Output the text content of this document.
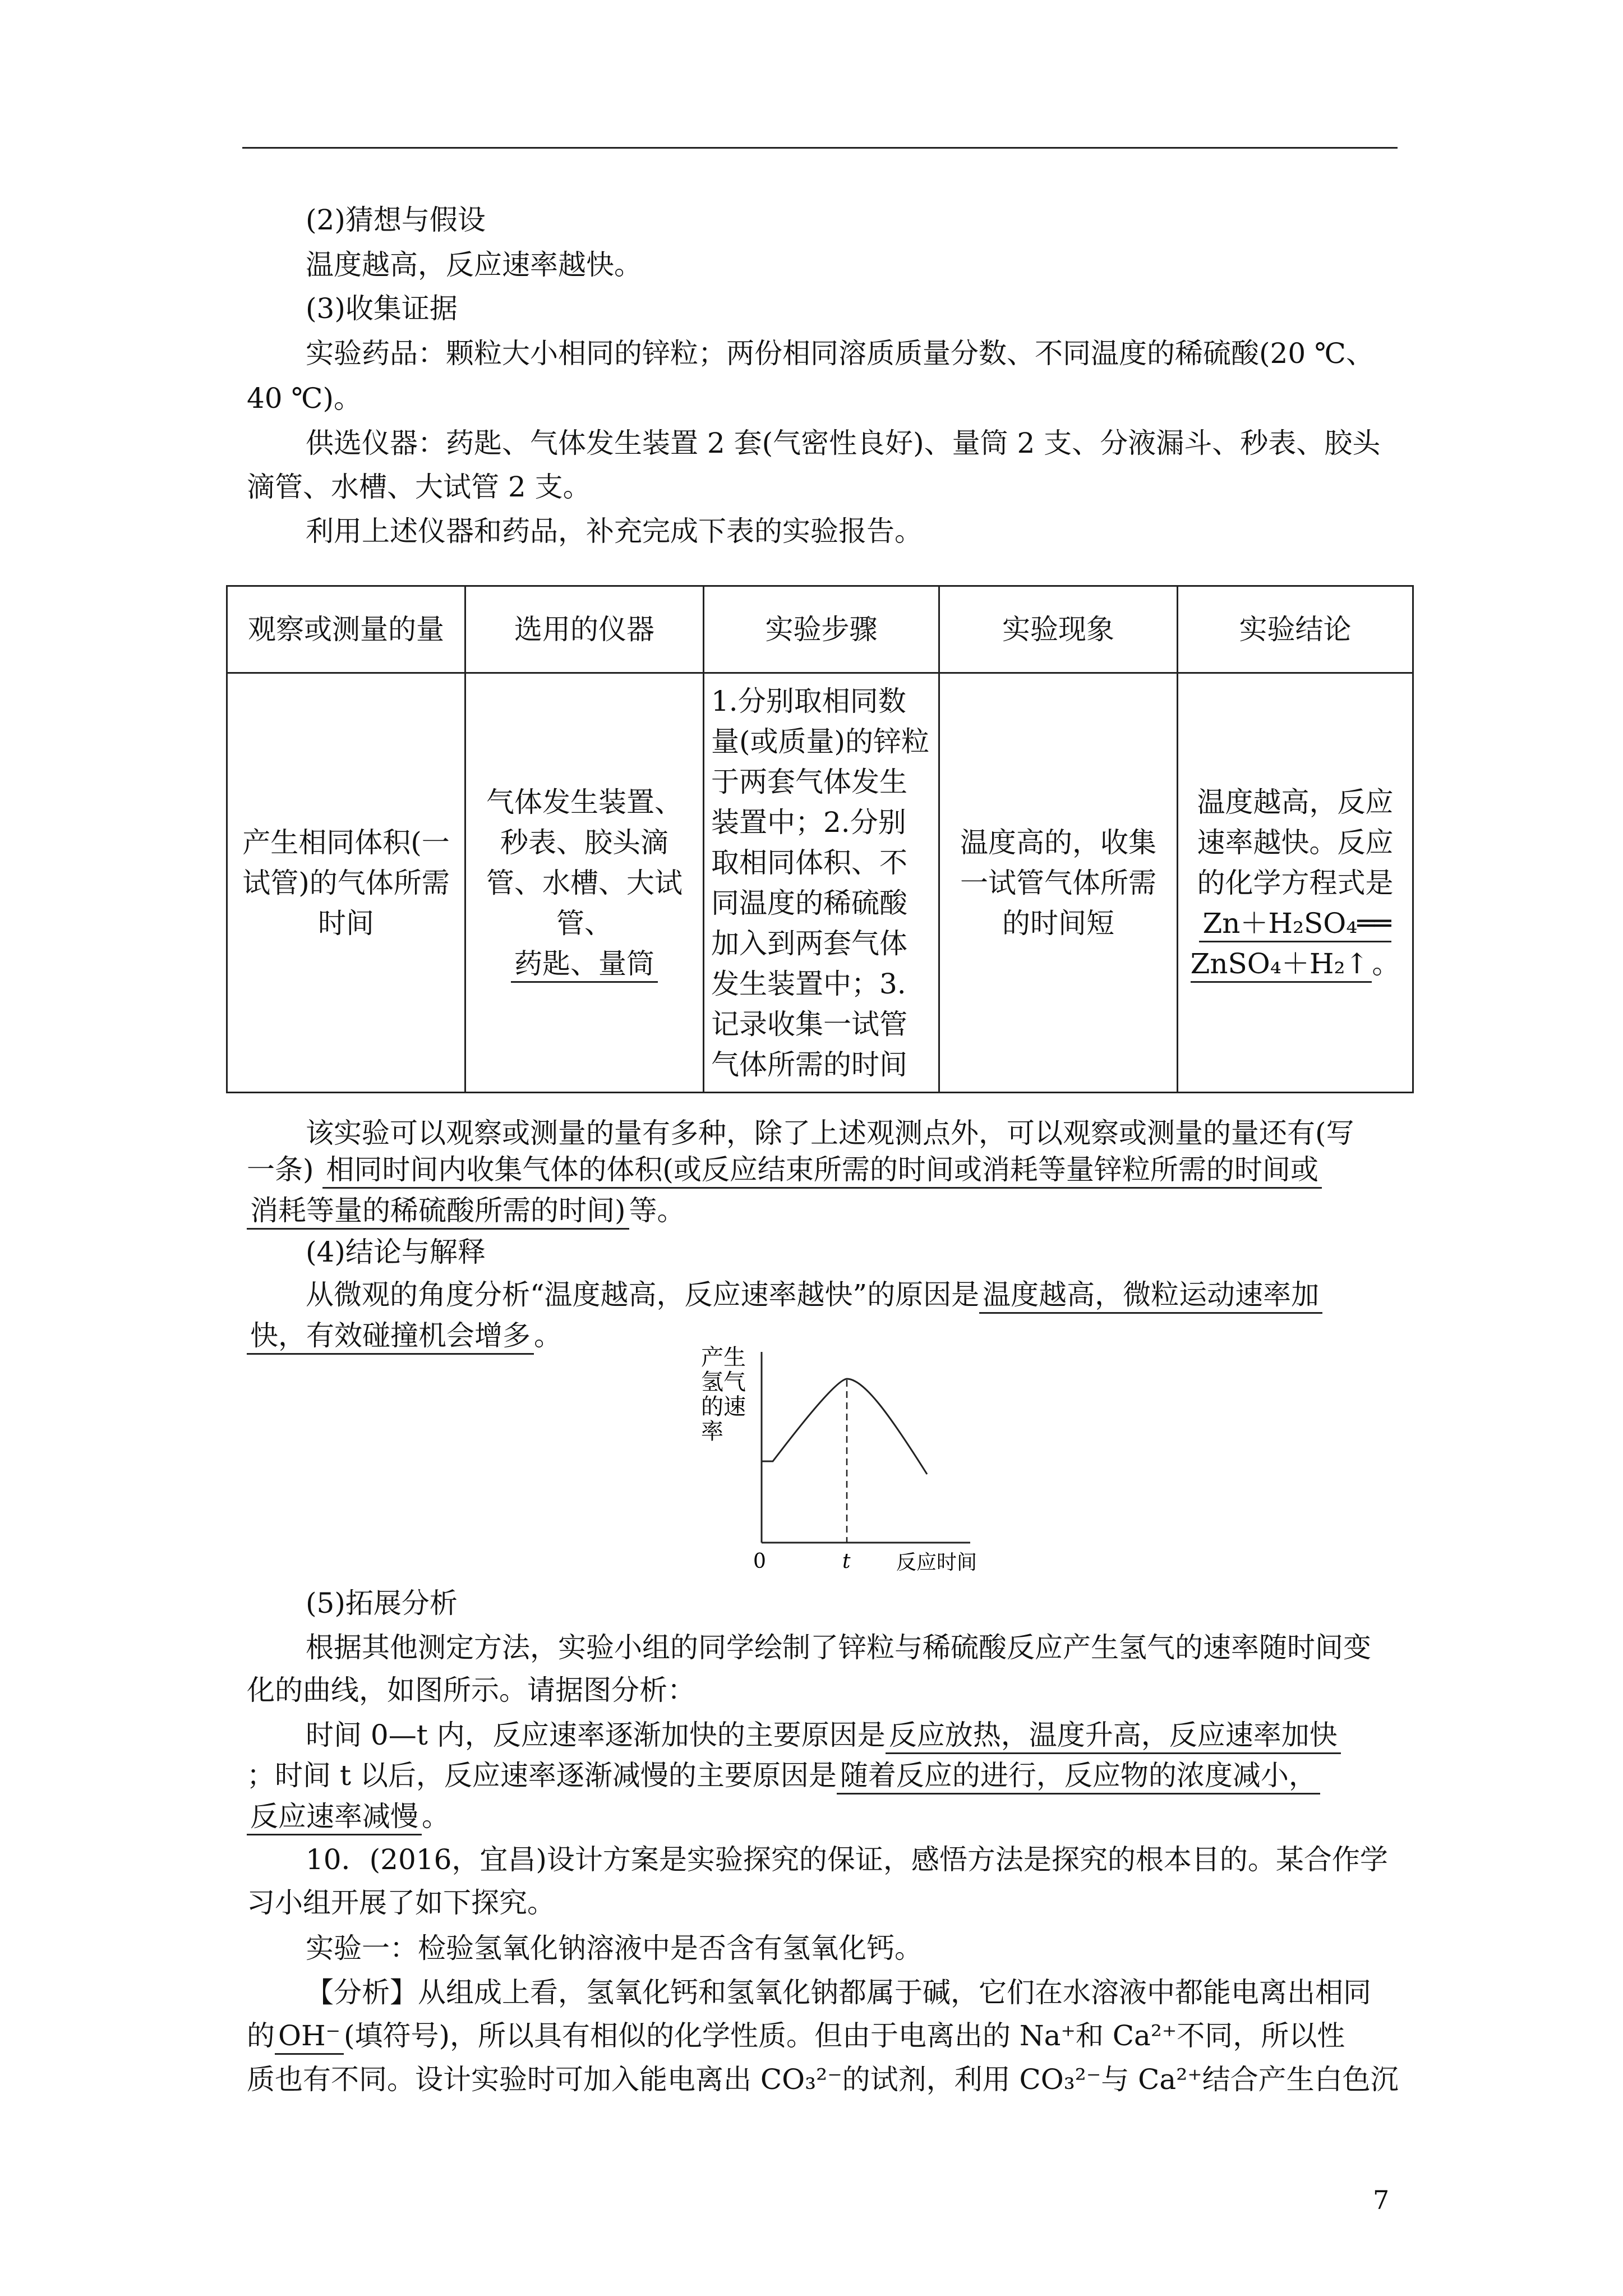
(2)猜想与假设
温度越高，反应速率越快。
(3)收集证据
实验药品：颗粒大小相同的锌粒；两份相同溶质质量分数、不同温度的稀硫酸(20 ℃、
40 ℃)。
供选仪器：药匙、气体发生装置 2 套(气密性良好)、量筒 2 支、分液漏斗、秒表、胶头
滴管、水槽、大试管 2 支。
利用上述仪器和药品，补充完成下表的实验报告。
观察或测量的量	选用的仪器	实验步骤	实验现象	实验结论
产生相同体积(一试管)的气体所需时间	气体发生装置、秒表、胶头滴管、水槽、大试管、
药匙、量筒	1.分别取相同数量(或质量)的锌粒于两套气体发生装置中；2.分别取相同体积、不同温度的稀硫酸加入到两套气体发生装置中；3.记录收集一试管气体所需的时间	温度高的，收集一试管气体所需的时间短	温度越高，反应速率越快。反应的化学方程式是
Zn＋H₂SO₄══ ZnSO₄＋H₂↑ 。
该实验可以观察或测量的量有多种，除了上述观测点外，可以观察或测量的量还有(写
一条) 相同时间内收集气体的体积(或反应结束所需的时间或消耗等量锌粒所需的时间或
消耗等量的稀硫酸所需的时间) 等。
(4)结论与解释
从微观的角度分析“温度越高，反应速率越快”的原因是 温度越高，微粒运动速率加
快，有效碰撞机会增多 。
产生
氢气
的速
率
0	t 反应时间
(5)拓展分析
根据其他测定方法，实验小组的同学绘制了锌粒与稀硫酸反应产生氢气的速率随时间变
化的曲线，如图所示。请据图分析：
时间 0—t 内，反应速率逐渐加快的主要原因是 反应放热，温度升高，反应速率加快
；时间 t 以后，反应速率逐渐减慢的主要原因是 随着反应的进行，反应物的浓度减小，
反应速率减慢 。
10．(2016，宜昌)设计方案是实验探究的保证，感悟方法是探究的根本目的。某合作学
习小组开展了如下探究。
实验一：检验氢氧化钠溶液中是否含有氢氧化钙。
【分析】从组成上看，氢氧化钙和氢氧化钠都属于碱，它们在水溶液中都能电离出相同
的 OH⁻ (填符号)，所以具有相似的化学性质。但由于电离出的 Na⁺和 Ca²⁺不同，所以性
质也有不同。设计实验时可加入能电离出 CO₃²⁻的试剂，利用 CO₃²⁻与 Ca²⁺结合产生白色沉
7
